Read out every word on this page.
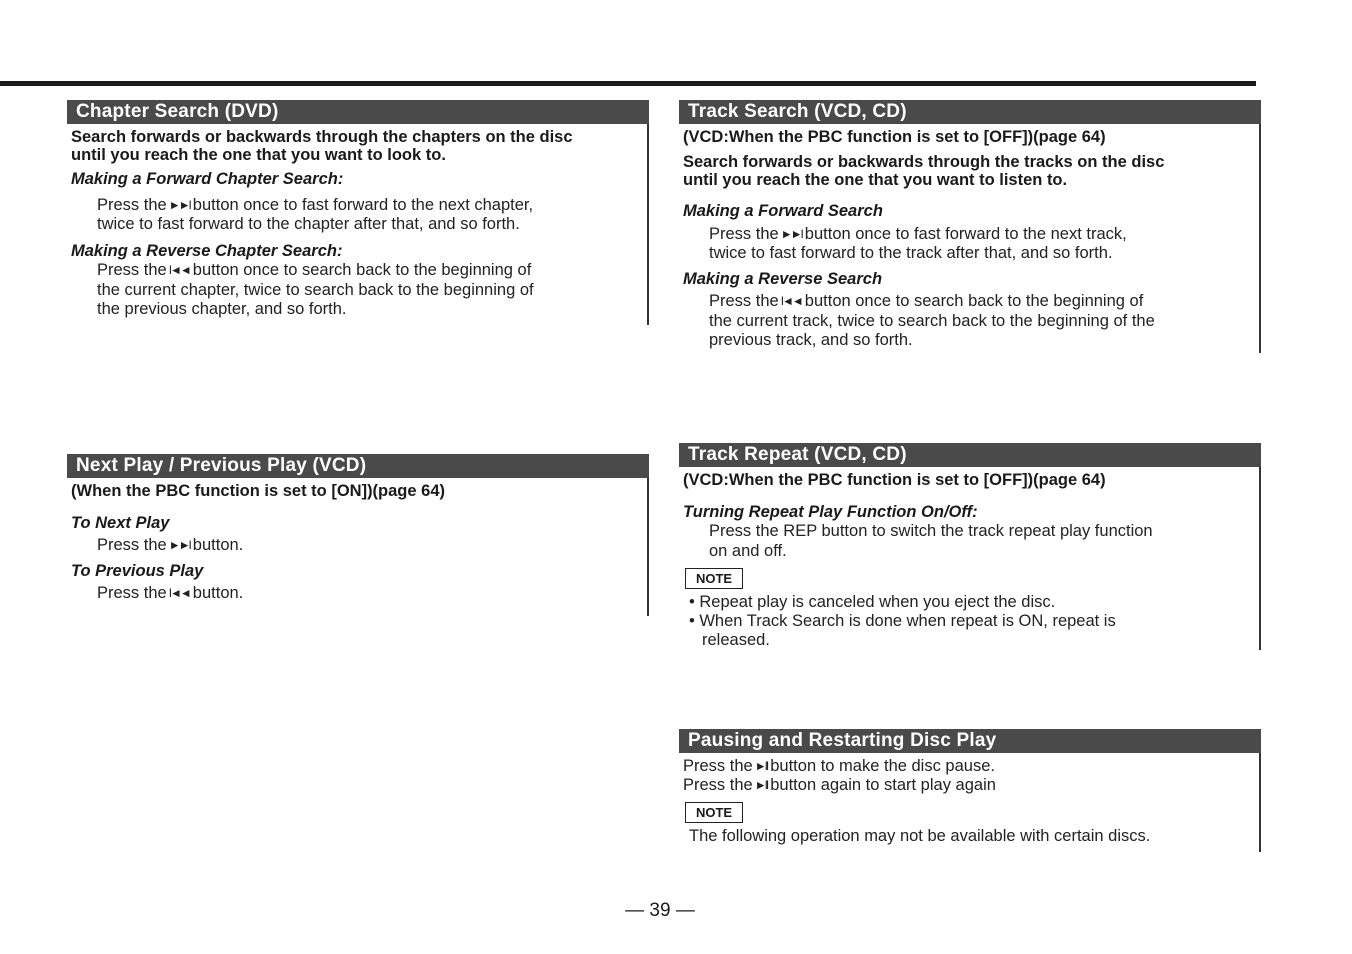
Chapter Search (DVD)
Search forwards or backwards through the chapters on the disc
until you reach the one that you want to look to.
Making a Forward Chapter Search:
Press the ►►I button once to fast forward to the next chapter,
twice to fast forward to the chapter after that, and so forth.
Making a Reverse Chapter Search:
Press the I◄◄ button once to search back to the beginning of
the current chapter, twice to search back to the beginning of
the previous chapter, and so forth.
Next Play / Previous Play (VCD)
(When the PBC function is set to [ON])(page 64)
To Next Play
Press the ►►I button.
To Previous Play
Press the I◄◄ button.
Track Search (VCD, CD)
(VCD:When the PBC function is set to [OFF])(page 64)
Search forwards or backwards through the tracks on the disc
until you reach the one that you want to listen to.
Making a Forward Search
Press the ►►I button once to fast forward to the next track,
twice to fast forward to the track after that, and so forth.
Making a Reverse Search
Press the I◄◄ button once to search back to the beginning of
the current track, twice to search back to the beginning of the
previous track, and so forth.
Track Repeat (VCD, CD)
(VCD:When the PBC function is set to [OFF])(page 64)
Turning Repeat Play Function On/Off:
Press the REP button to switch the track repeat play function
on and off.
NOTE
• Repeat play is canceled when you eject the disc.
• When Track Search is done when repeat is ON, repeat is
released.
Pausing and Restarting Disc Play
Press the ►II button to make the disc pause.
Press the ►II button again to start play again
NOTE
The following operation may not be available with certain discs.
— 39 —
